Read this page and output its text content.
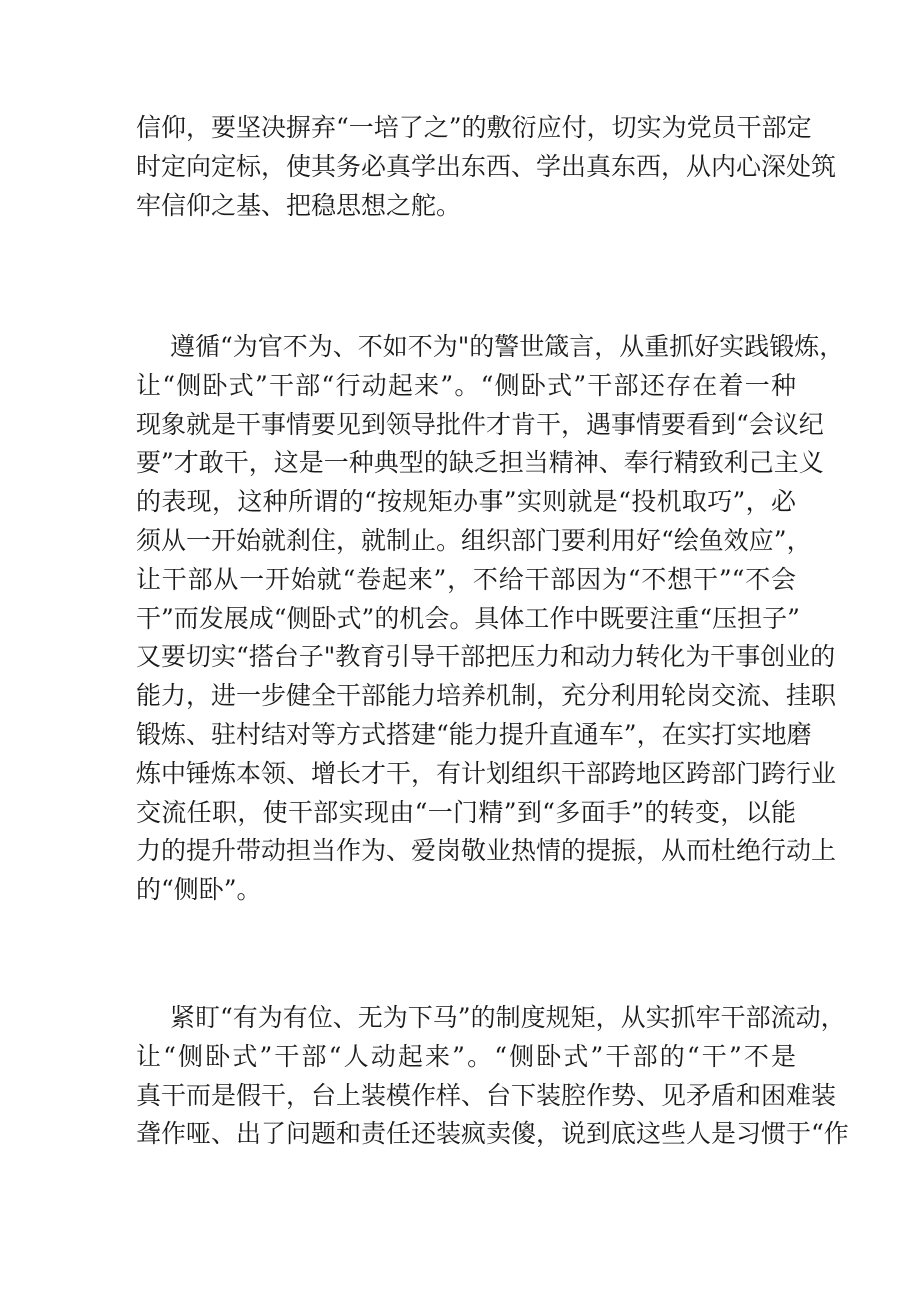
信仰，要坚决摒弃“一培了之”的敷衍应付，切实为党员干部定
时定向定标，使其务必真学出东西、学出真东西，从内心深处筑
牢信仰之基、把稳思想之舵。
遵循“为官不为、不如不为"的警世箴言，从重抓好实践锻炼，
让“侧卧式”干部“行动起来”。“侧卧式”干部还存在着一种
现象就是干事情要见到领导批件才肯干，遇事情要看到“会议纪
要”才敢干，这是一种典型的缺乏担当精神、奉行精致利己主义
的表现，这种所谓的“按规矩办事”实则就是“投机取巧”，必
须从一开始就刹住，就制止。组织部门要利用好“绘鱼效应”，
让干部从一开始就“卷起来”，不给干部因为“不想干”“不会
干”而发展成“侧卧式”的机会。具体工作中既要注重“压担子”
又要切实“搭台子"教育引导干部把压力和动力转化为干事创业的
能力，进一步健全干部能力培养机制，充分利用轮岗交流、挂职
锻炼、驻村结对等方式搭建“能力提升直通车”，在实打实地磨
炼中锤炼本领、增长才干，有计划组织干部跨地区跨部门跨行业
交流任职，使干部实现由“一门精”到“多面手”的转变，以能
力的提升带动担当作为、爱岗敬业热情的提振，从而杜绝行动上
的“侧卧”。
紧盯“有为有位、无为下马”的制度规矩，从实抓牢干部流动，
让“侧卧式”干部“人动起来”。“侧卧式”干部的“干”不是
真干而是假干，台上装模作样、台下装腔作势、见矛盾和困难装
聋作哑、出了问题和责任还装疯卖傻，说到底这些人是习惯于“作
